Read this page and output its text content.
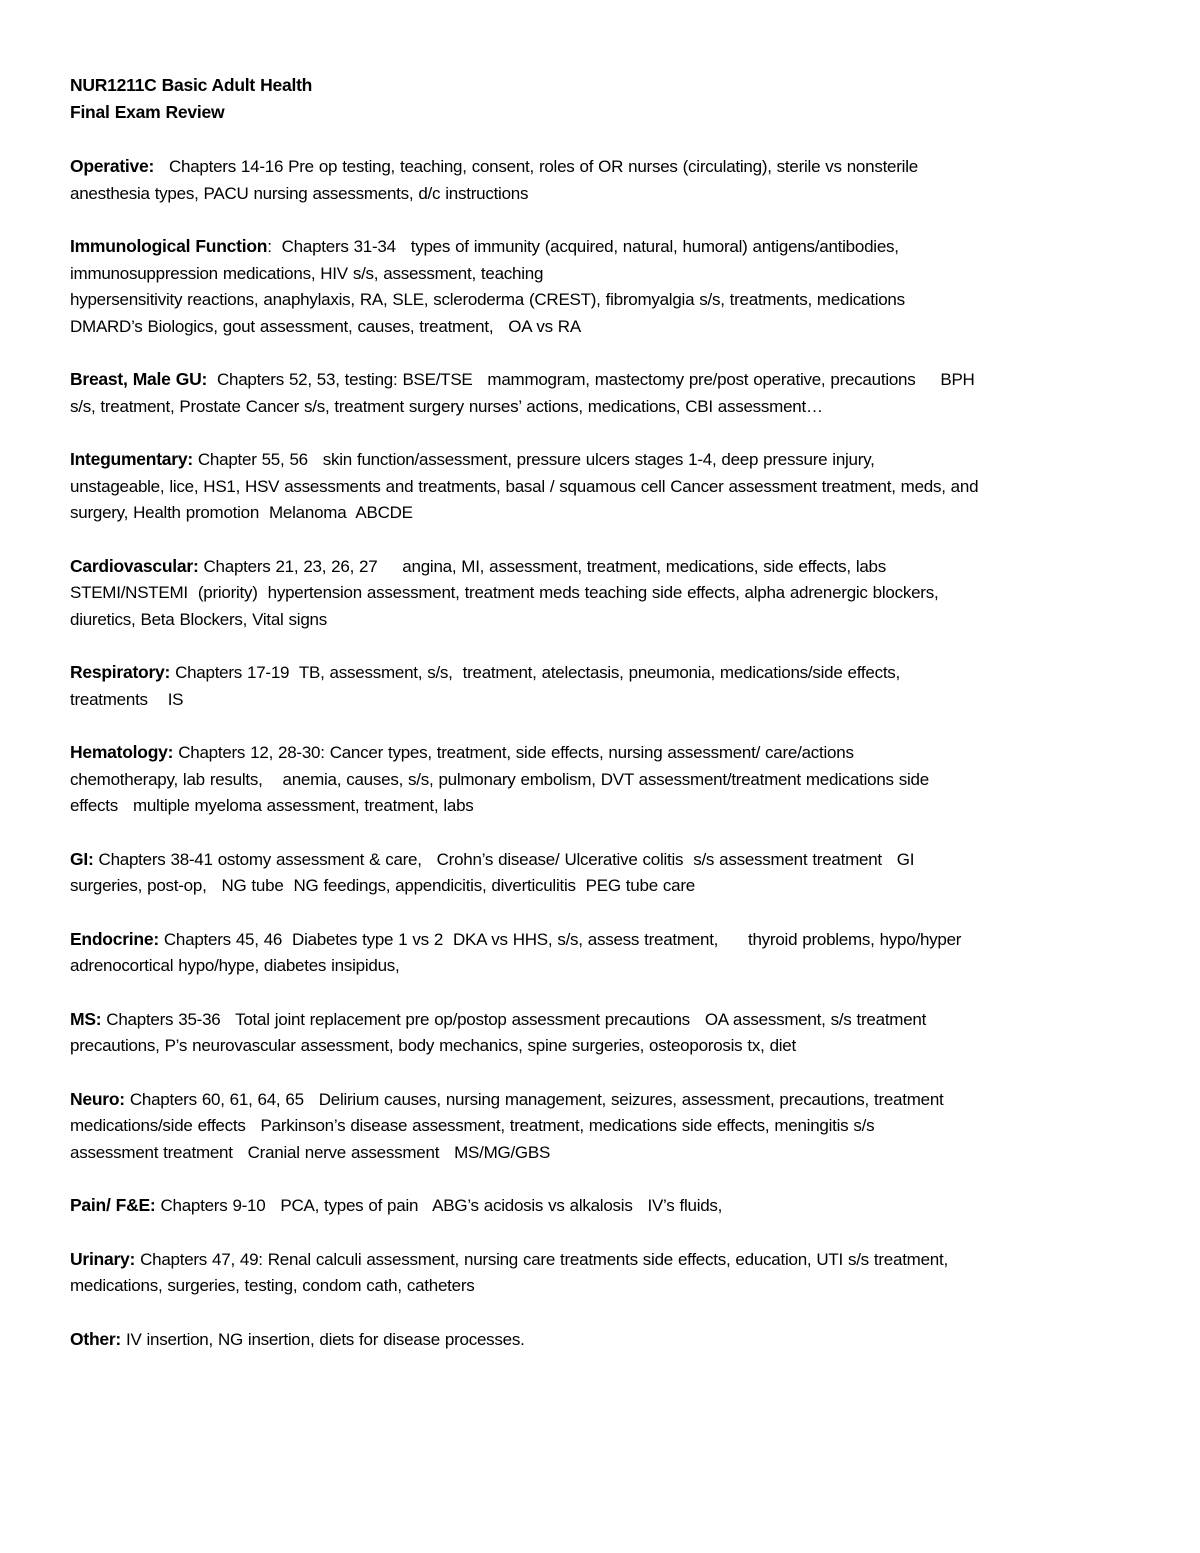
NUR1211C Basic Adult Health
Final Exam Review
Operative:   Chapters 14-16 Pre op testing, teaching, consent, roles of OR nurses (circulating), sterile vs nonsterile
anesthesia types, PACU nursing assessments, d/c instructions
Immunological Function:  Chapters 31-34   types of immunity (acquired, natural, humoral) antigens/antibodies,
immunosuppression medications, HIV s/s, assessment, teaching
hypersensitivity reactions, anaphylaxis, RA, SLE, scleroderma (CREST), fibromyalgia s/s, treatments, medications
DMARD’s Biologics, gout assessment, causes, treatment,   OA vs RA
Breast, Male GU:  Chapters 52, 53, testing: BSE/TSE   mammogram, mastectomy pre/post operative, precautions     BPH
s/s, treatment, Prostate Cancer s/s, treatment surgery nurses’ actions, medications, CBI assessment…
Integumentary: Chapter 55, 56   skin function/assessment, pressure ulcers stages 1-4, deep pressure injury,
unstageable, lice, HS1, HSV assessments and treatments, basal / squamous cell Cancer assessment treatment, meds, and
surgery, Health promotion  Melanoma  ABCDE
Cardiovascular: Chapters 21, 23, 26, 27     angina, MI, assessment, treatment, medications, side effects, labs
STEMI/NSTEMI  (priority)  hypertension assessment, treatment meds teaching side effects, alpha adrenergic blockers,
diuretics, Beta Blockers, Vital signs
Respiratory: Chapters 17-19  TB, assessment, s/s,  treatment, atelectasis, pneumonia, medications/side effects,
treatments    IS
Hematology: Chapters 12, 28-30: Cancer types, treatment, side effects, nursing assessment/ care/actions
chemotherapy, lab results,    anemia, causes, s/s, pulmonary embolism, DVT assessment/treatment medications side
effects   multiple myeloma assessment, treatment, labs
GI: Chapters 38-41 ostomy assessment & care,   Crohn’s disease/ Ulcerative colitis  s/s assessment treatment   GI
surgeries, post-op,   NG tube  NG feedings, appendicitis, diverticulitis  PEG tube care
Endocrine: Chapters 45, 46  Diabetes type 1 vs 2  DKA vs HHS, s/s, assess treatment,      thyroid problems, hypo/hyper
adrenocortical hypo/hype, diabetes insipidus,
MS: Chapters 35-36   Total joint replacement pre op/postop assessment precautions   OA assessment, s/s treatment
precautions, P’s neurovascular assessment, body mechanics, spine surgeries, osteoporosis tx, diet
Neuro: Chapters 60, 61, 64, 65   Delirium causes, nursing management, seizures, assessment, precautions, treatment
medications/side effects   Parkinson’s disease assessment, treatment, medications side effects, meningitis s/s
assessment treatment   Cranial nerve assessment   MS/MG/GBS
Pain/ F&E: Chapters 9-10   PCA, types of pain   ABG’s acidosis vs alkalosis   IV’s fluids,
Urinary: Chapters 47, 49: Renal calculi assessment, nursing care treatments side effects, education, UTI s/s treatment,
medications, surgeries, testing, condom cath, catheters
Other: IV insertion, NG insertion, diets for disease processes.
